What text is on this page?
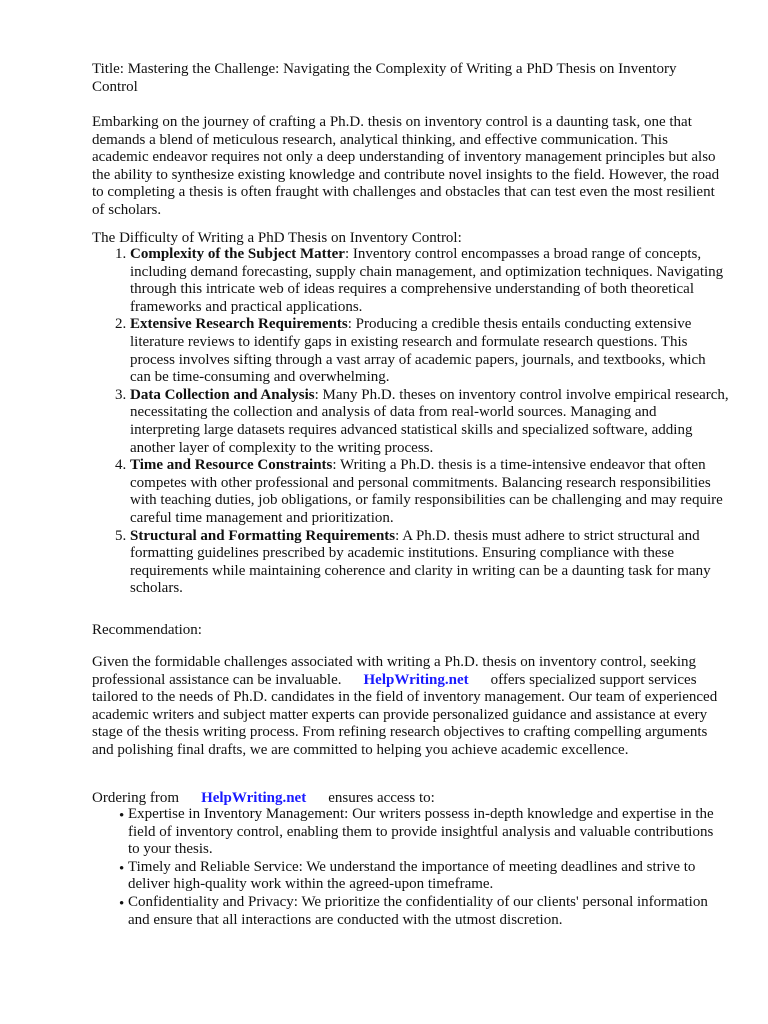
Title: Mastering the Challenge: Navigating the Complexity of Writing a PhD Thesis on Inventory Control

Embarking on the journey of crafting a Ph.D. thesis on inventory control is a daunting task, one that demands a blend of meticulous research, analytical thinking, and effective communication. This academic endeavor requires not only a deep understanding of inventory management principles but also the ability to synthesize existing knowledge and contribute novel insights to the field. However, the road to completing a thesis is often fraught with challenges and obstacles that can test even the most resilient of scholars.

The Difficulty of Writing a PhD Thesis on Inventory Control:

1. Complexity of the Subject Matter: Inventory control encompasses a broad range of concepts, including demand forecasting, supply chain management, and optimization techniques. Navigating through this intricate web of ideas requires a comprehensive understanding of both theoretical frameworks and practical applications.
2. Extensive Research Requirements: Producing a credible thesis entails conducting extensive literature reviews to identify gaps in existing research and formulate research questions. This process involves sifting through a vast array of academic papers, journals, and textbooks, which can be time-consuming and overwhelming.
3. Data Collection and Analysis: Many Ph.D. theses on inventory control involve empirical research, necessitating the collection and analysis of data from real-world sources. Managing and interpreting large datasets requires advanced statistical skills and specialized software, adding another layer of complexity to the writing process.
4. Time and Resource Constraints: Writing a Ph.D. thesis is a time-intensive endeavor that often competes with other professional and personal commitments. Balancing research responsibilities with teaching duties, job obligations, or family responsibilities can be challenging and may require careful time management and prioritization.
5. Structural and Formatting Requirements: A Ph.D. thesis must adhere to strict structural and formatting guidelines prescribed by academic institutions. Ensuring compliance with these requirements while maintaining coherence and clarity in writing can be a daunting task for many scholars.

Recommendation:

Given the formidable challenges associated with writing a Ph.D. thesis on inventory control, seeking professional assistance can be invaluable. HelpWriting.net offers specialized support services tailored to the needs of Ph.D. candidates in the field of inventory management. Our team of experienced academic writers and subject matter experts can provide personalized guidance and assistance at every stage of the thesis writing process. From refining research objectives to crafting compelling arguments and polishing final drafts, we are committed to helping you achieve academic excellence.

Ordering from HelpWriting.net ensures access to:

• Expertise in Inventory Management: Our writers possess in-depth knowledge and expertise in the field of inventory control, enabling them to provide insightful analysis and valuable contributions to your thesis.
• Timely and Reliable Service: We understand the importance of meeting deadlines and strive to deliver high-quality work within the agreed-upon timeframe.
• Confidentiality and Privacy: We prioritize the confidentiality of our clients' personal information and ensure that all interactions are conducted with the utmost discretion.
